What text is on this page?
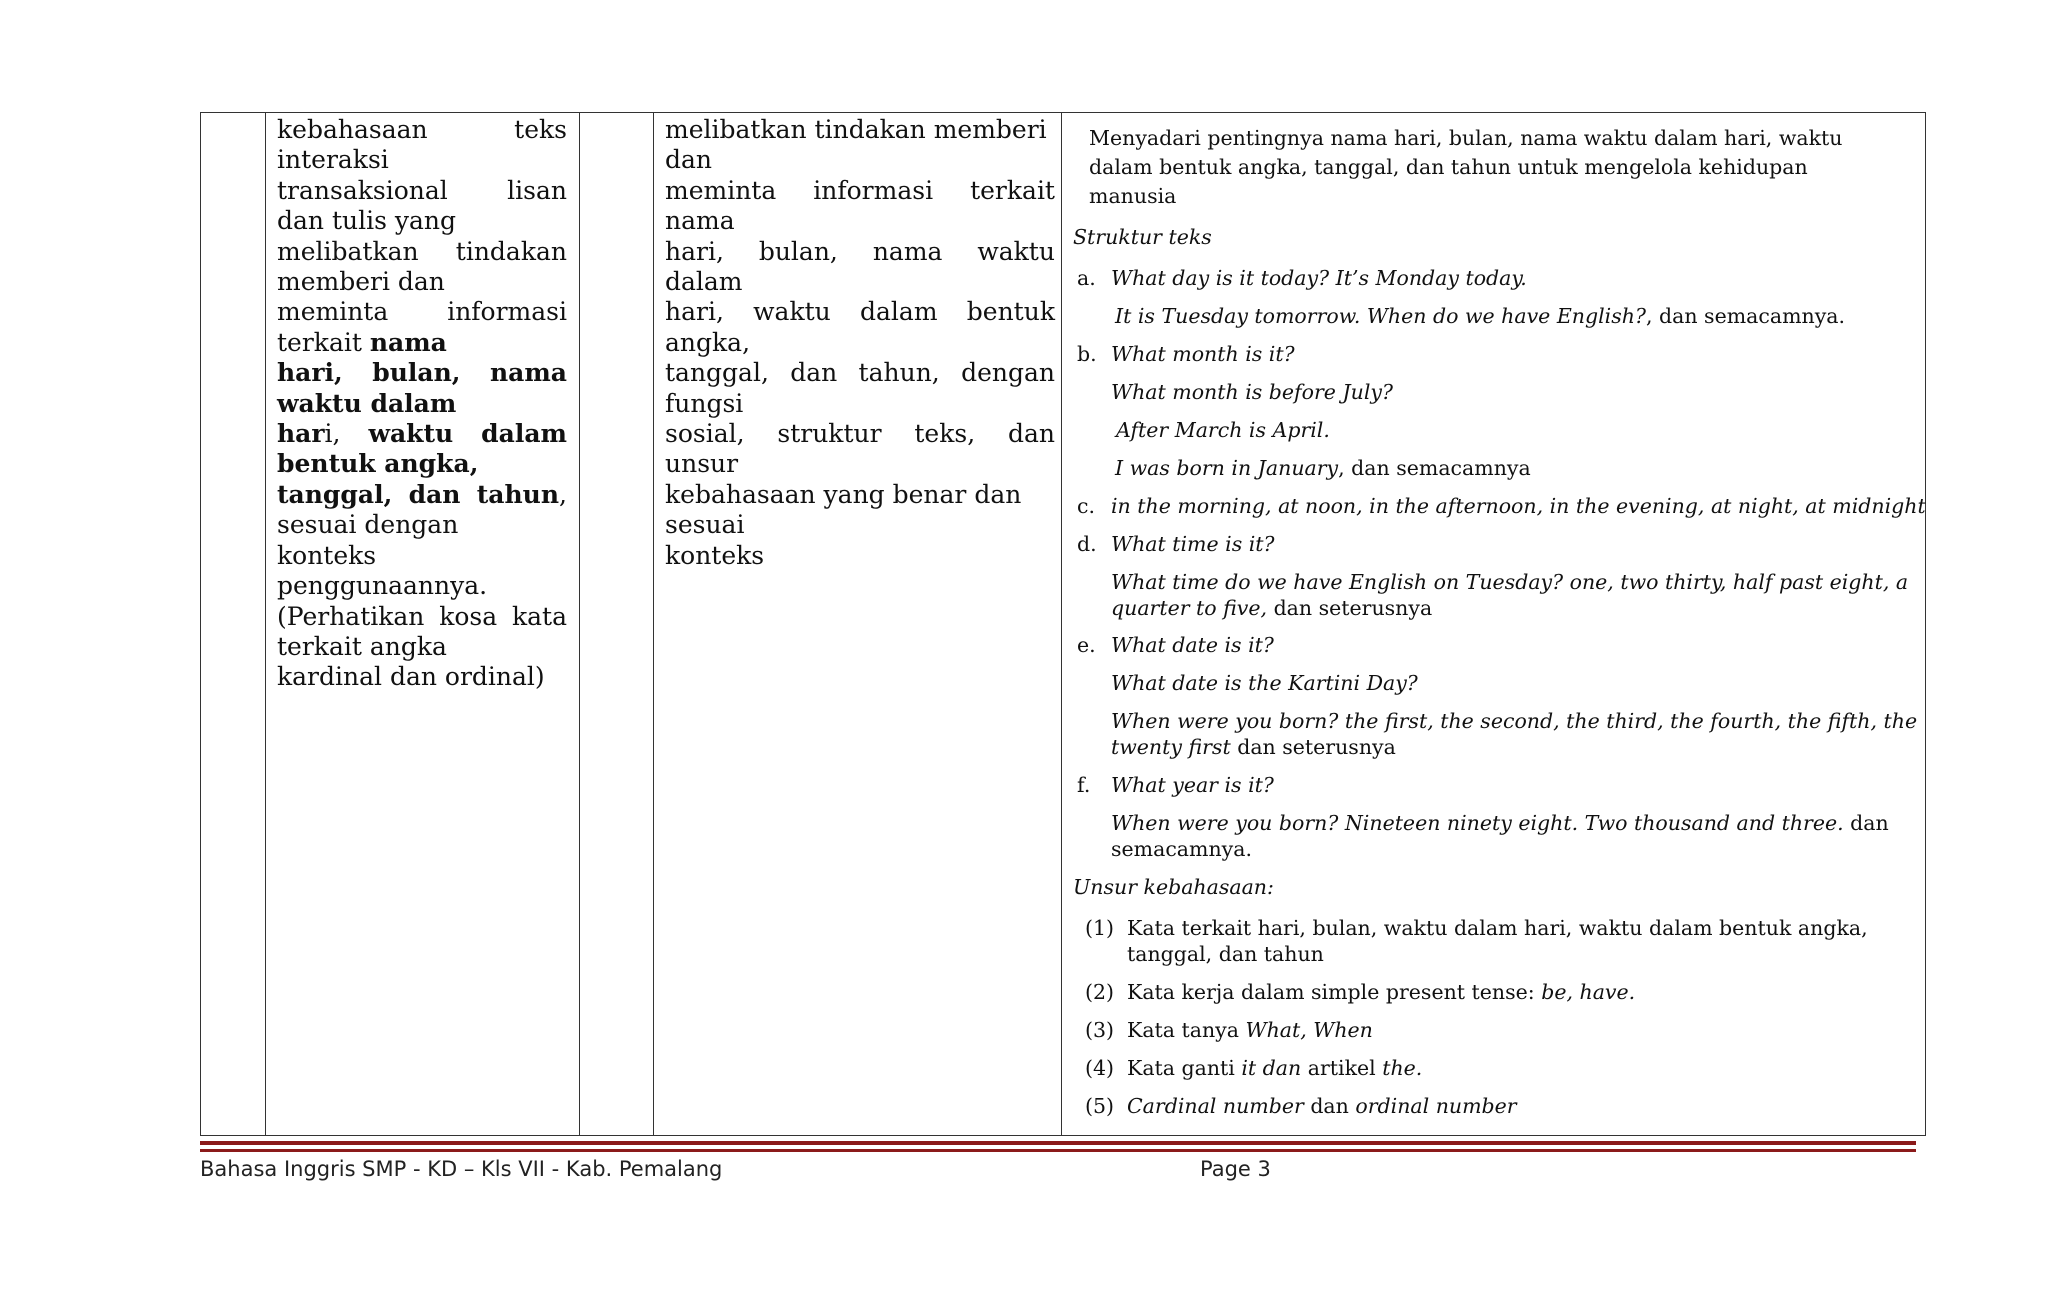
kebahasaan	teks
interaksi
transaksional lisan
dan tulis yang
melibatkan tindakan
memberi dan
meminta informasi
terkait nama
hari, bulan, nama
waktu dalam
hari, waktu dalam
bentuk angka,
tanggal, dan tahun,
sesuai dengan
konteks
penggunaannya.
(Perhatikan kosa kata
terkait angka
kardinal dan ordinal)
melibatkan tindakan memberi
dan
meminta informasi terkait
nama
hari, bulan, nama waktu
dalam
hari, waktu dalam bentuk
angka,
tanggal, dan tahun, dengan
fungsi
sosial, struktur teks, dan
unsur
kebahasaan yang benar dan
sesuai
konteks
Menyadari pentingnya nama hari, bulan, nama waktu dalam hari, waktu
dalam bentuk angka, tanggal, dan tahun untuk mengelola kehidupan
manusia
Struktur teks
a. What day is it today? It’s Monday today.
It is Tuesday tomorrow. When do we have English?, dan semacamnya.
b. What month is it?
What month is before July?
After March is April.
I was born in January, dan semacamnya
c. in the morning, at noon, in the afternoon, in the evening, at night, at midnight
d. What time is it?
What time do we have English on Tuesday? one, two thirty, half past eight, a
quarter to five, dan seterusnya
e. What date is it?
What date is the Kartini Day?
When were you born? the first, the second, the third, the fourth, the fifth, the
twenty first dan seterusnya
f. What year is it?
When were you born? Nineteen ninety eight. Two thousand and three. dan
semacamnya.
Unsur kebahasaan:
(1) Kata terkait hari, bulan, waktu dalam hari, waktu dalam bentuk angka,
tanggal, dan tahun
(2) Kata kerja dalam simple present tense: be, have.
(3) Kata tanya What, When
(4) Kata ganti it dan artikel the.
(5) Cardinal number dan ordinal number
Bahasa Inggris SMP - KD – Kls VII - Kab. Pemalang	Page 3
